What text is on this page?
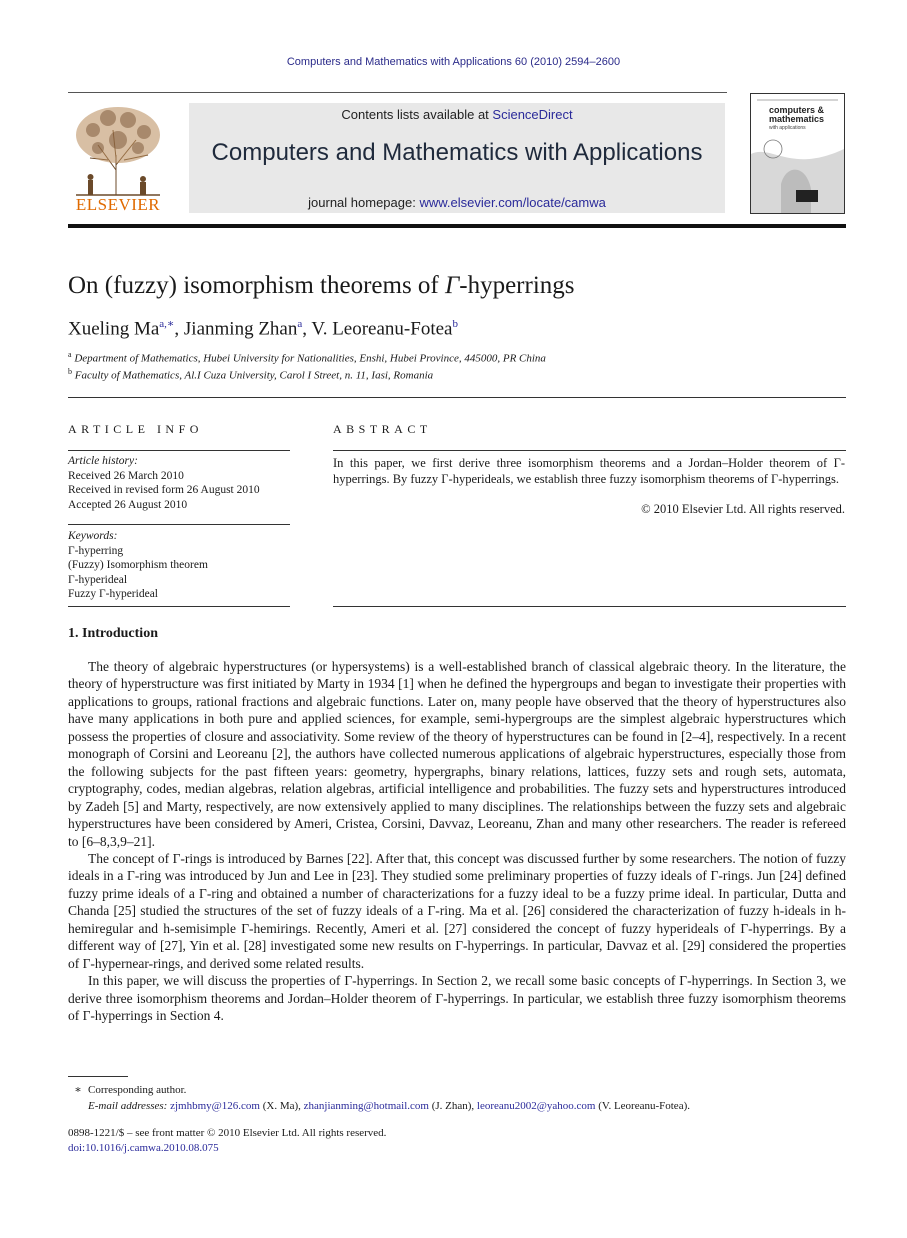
Computers and Mathematics with Applications 60 (2010) 2594–2600
ELSEVIER
Contents lists available at ScienceDirect
Computers and Mathematics with Applications
journal homepage: www.elsevier.com/locate/camwa
computers &
mathematics
with applications
On (fuzzy) isomorphism theorems of Γ-hyperrings
Xueling $Ma^{a,∗}$, Jianming Zhan$^a$, V. Leoreanu-Fotea$^b$
$^a$ Department of Mathematics, Hubei University for Nationalities, Enshi, Hubei Province, 445000, PR China
$^b$ Faculty of Mathematics, Al.I Cuza University, Carol I Street, n. 11, Iasi, Romania
ARTICLE INFO	ABSTRACT
Article history:
Received 26 March 2010
Received in revised form 26 August 2010
Accepted 26 August 2010
Keywords:
Γ-hyperring
(Fuzzy) Isomorphism theorem
Γ-hyperideal
Fuzzy Γ-hyperideal
In this paper, we first derive three isomorphism theorems and a Jordan–Holder theorem of Γ-hyperrings. By fuzzy Γ-hyperideals, we establish three fuzzy isomorphism theorems of Γ-hyperrings.
© 2010 Elsevier Ltd. All rights reserved.
1. Introduction

The theory of algebraic hyperstructures (or hypersystems) is a well-established branch of classical algebraic theory. In the literature, the theory of hyperstructure was first initiated by Marty in 1934 [1] when he defined the hypergroups and began to investigate their properties with applications to groups, rational fractions and algebraic functions. Later on, many people have observed that the theory of hyperstructures also have many applications in both pure and applied sciences, for example, semi-hypergroups are the simplest algebraic hyperstructures which possess the properties of closure and associativity. Some review of the theory of hyperstructures can be found in [2–4], respectively. In a recent monograph of Corsini and Leoreanu [2], the authors have collected numerous applications of algebraic hyperstructures, especially those from the following subjects for the past fifteen years: geometry, hypergraphs, binary relations, lattices, fuzzy sets and rough sets, automata, cryptography, codes, median algebras, relation algebras, artificial intelligence and probabilities. The fuzzy sets and hyperstructures introduced by Zadeh [5] and Marty, respectively, are now extensively applied to many disciplines. The relationships between the fuzzy sets and algebraic hyperstructures have been considered by Ameri, Cristea, Corsini, Davvaz, Leoreanu, Zhan and many other researchers. The reader is refereed to [6–8,3,9–21].

The concept of Γ-rings is introduced by Barnes [22]. After that, this concept was discussed further by some researchers. The notion of fuzzy ideals in a Γ-ring was introduced by Jun and Lee in [23]. They studied some preliminary properties of fuzzy ideals of Γ-rings. Jun [24] defined fuzzy prime ideals of a Γ-ring and obtained a number of characterizations for a fuzzy ideal to be a fuzzy prime ideal. In particular, Dutta and Chanda [25] studied the structures of the set of fuzzy ideals of a Γ-ring. Ma et al. [26] considered the characterization of fuzzy h-ideals in h-hemiregular and h-semisimple Γ-hemirings. Recently, Ameri et al. [27] considered the concept of fuzzy hyperideals of Γ-hyperrings. By a different way of [27], Yin et al. [28] investigated some new results on Γ-hyperrings. In particular, Davvaz et al. [29] considered the properties of Γ-hypernear-rings, and derived some related results.

In this paper, we will discuss the properties of Γ-hyperrings. In Section 2, we recall some basic concepts of Γ-hyperrings. In Section 3, we derive three isomorphism theorems and Jordan–Holder theorem of Γ-hyperrings. In particular, we establish three fuzzy isomorphism theorems of Γ-hyperrings in Section 4.

∗ Corresponding author.
E-mail addresses: zjmhbmy@126.com (X. Ma), zhanjianming@hotmail.com (J. Zhan), leoreanu2002@yahoo.com (V. Leoreanu-Fotea).
0898-1221/$ – see front matter © 2010 Elsevier Ltd. All rights reserved.
doi:10.1016/j.camwa.2010.08.075
